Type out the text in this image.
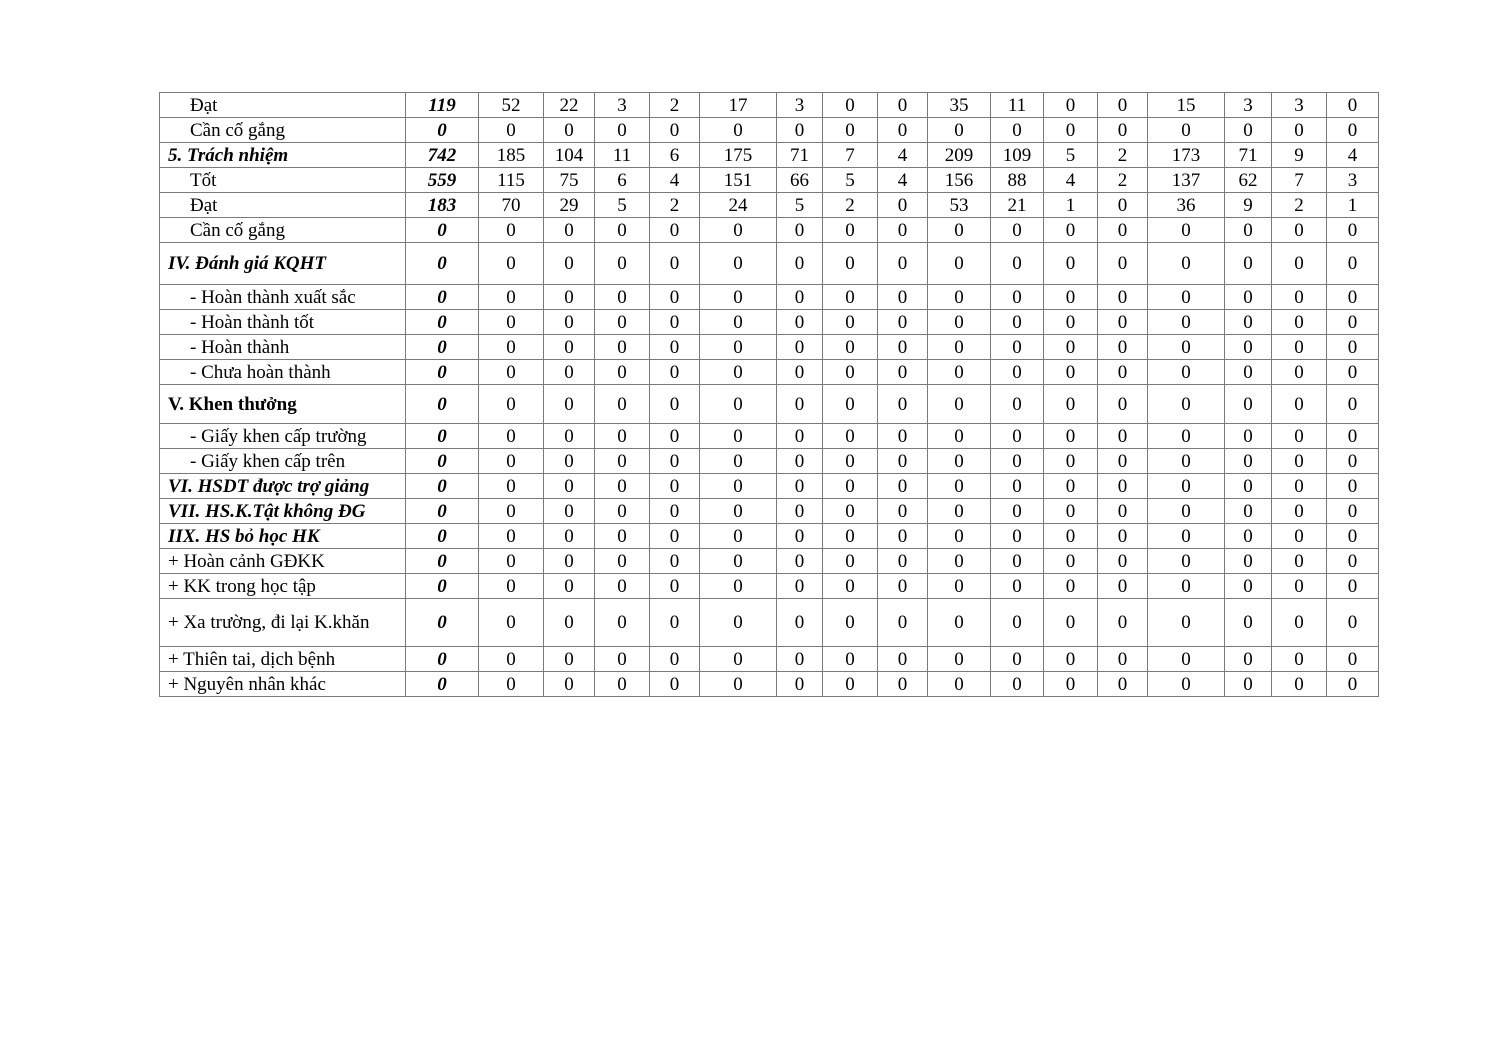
Đạt	119	52	22	3	2	17	3	0	0	35	11	0	0	15	3	3	0
Cần cố gắng	0	0	0	0	0	0	0	0	0	0	0	0	0	0	0	0	0
5. Trách nhiệm	742	185	104	11	6	175	71	7	4	209	109	5	2	173	71	9	4
Tốt	559	115	75	6	4	151	66	5	4	156	88	4	2	137	62	7	3
Đạt	183	70	29	5	2	24	5	2	0	53	21	1	0	36	9	2	1
Cần cố gắng	0	0	0	0	0	0	0	0	0	0	0	0	0	0	0	0	0
IV. Đánh giá KQHT	0	0	0	0	0	0	0	0	0	0	0	0	0	0	0	0	0
- Hoàn thành xuất sắc	0	0	0	0	0	0	0	0	0	0	0	0	0	0	0	0	0
- Hoàn thành tốt	0	0	0	0	0	0	0	0	0	0	0	0	0	0	0	0	0
- Hoàn thành	0	0	0	0	0	0	0	0	0	0	0	0	0	0	0	0	0
- Chưa hoàn thành	0	0	0	0	0	0	0	0	0	0	0	0	0	0	0	0	0
V. Khen thưởng	0	0	0	0	0	0	0	0	0	0	0	0	0	0	0	0	0
- Giấy khen cấp trường	0	0	0	0	0	0	0	0	0	0	0	0	0	0	0	0	0
- Giấy khen cấp trên	0	0	0	0	0	0	0	0	0	0	0	0	0	0	0	0	0
VI. HSDT được trợ giảng	0	0	0	0	0	0	0	0	0	0	0	0	0	0	0	0	0
VII. HS.K.Tật không ĐG	0	0	0	0	0	0	0	0	0	0	0	0	0	0	0	0	0
IIX. HS bỏ học HK	0	0	0	0	0	0	0	0	0	0	0	0	0	0	0	0	0
+ Hoàn cảnh GĐKK	0	0	0	0	0	0	0	0	0	0	0	0	0	0	0	0	0
+ KK trong học tập	0	0	0	0	0	0	0	0	0	0	0	0	0	0	0	0	0
+ Xa trường, đi lại K.khăn	0	0	0	0	0	0	0	0	0	0	0	0	0	0	0	0	0
+ Thiên tai, dịch bệnh	0	0	0	0	0	0	0	0	0	0	0	0	0	0	0	0	0
+ Nguyên nhân khác	0	0	0	0	0	0	0	0	0	0	0	0	0	0	0	0	0
